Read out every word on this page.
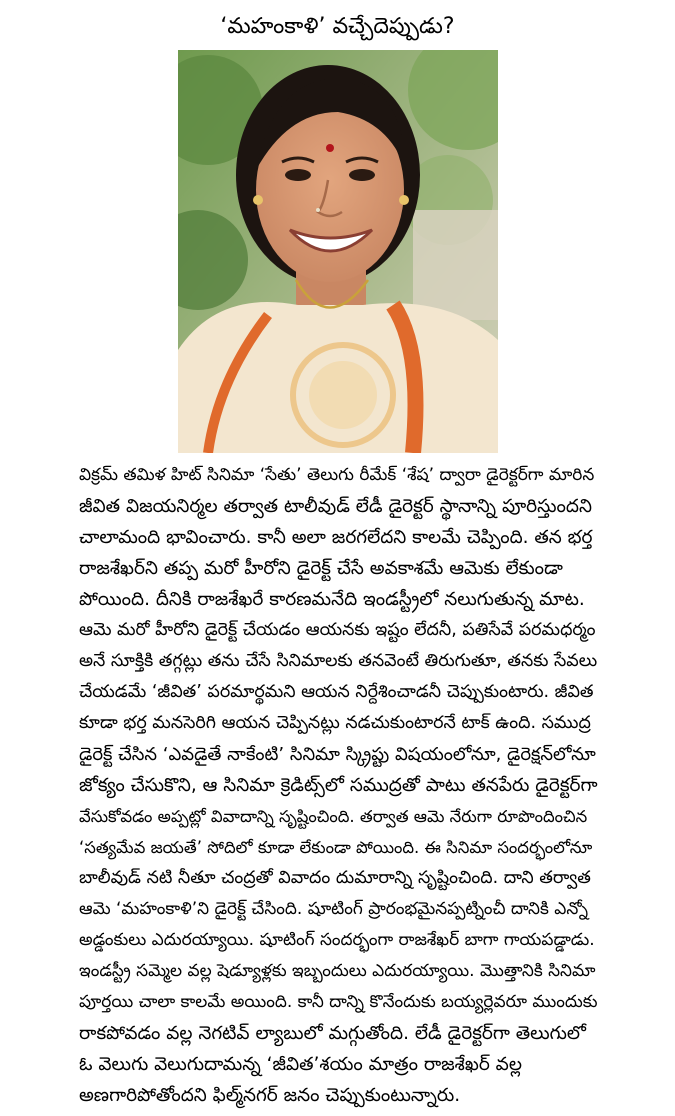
‘మహంకాళి’ వచ్చేదెప్పుడు?
విక్రమ్ తమిళ హిట్ సినిమా ‘సేతు’ తెలుగు రీమేక్ ‘శేష’ ద్వారా డైరెక్టర్‌గా మారిన
జీవిత విజయనిర్మల తర్వాత టాలీవుడ్ లేడీ డైరెక్టర్ స్థానాన్ని పూరిస్తుందని
చాలామంది భావించారు. కానీ అలా జరగలేదని కాలమే చెప్పింది. తన భర్త
రాజశేఖర్‌ని తప్ప మరో హీరోని డైరెక్ట్ చేసే అవకాశమే ఆమెకు లేకుండా
పోయింది. దీనికి రాజశేఖరే కారణమనేది ఇండస్ట్రీలో నలుగుతున్న మాట.
ఆమె మరో హీరోని డైరెక్ట్ చేయడం ఆయనకు ఇష్టం లేదనీ, పతిసేవే పరమధర్మం
అనే సూక్తికి తగ్గట్లు తను చేసే సినిమాలకు తనవెంటే తిరుగుతూ, తనకు సేవలు
చేయడమే ‘జీవిత’ పరమార్థమని ఆయన నిర్దేశించాడనీ చెప్పుకుంటారు. జీవిత
కూడా భర్త మనసెరిగి ఆయన చెప్పినట్లు నడచుకుంటారనే టాక్ ఉంది. సముద్ర
డైరెక్ట్ చేసిన ‘ఎవడైతే నాకేంటి’ సినిమా స్క్రిప్టు విషయంలోనూ, డైరెక్షన్‌లోనూ
జోక్యం చేసుకొని, ఆ సినిమా క్రెడిట్స్‌లో సముద్రతో పాటు తనపేరు డైరెక్టర్‌గా
వేసుకోవడం అప్పట్లో వివాదాన్ని సృష్టించింది. తర్వాత ఆమె నేరుగా రూపొందించిన
‘సత్యమేవ జయతే’ సోదిలో కూడా లేకుండా పోయింది. ఈ సినిమా సందర్భంలోనూ
బాలీవుడ్ నటి నీతూ చంద్రతో వివాదం దుమారాన్ని సృష్టించింది. దాని తర్వాత
ఆమె ‘మహంకాళి’ని డైరెక్ట్ చేసింది. షూటింగ్ ప్రారంభమైనప్పట్నించీ దానికి ఎన్నో
అడ్డంకులు ఎదురయ్యాయి. షూటింగ్ సందర్భంగా రాజశేఖర్ బాగా గాయపడ్డాడు.
ఇండస్ట్రీ సమ్మెల వల్ల షెడ్యూళ్లకు ఇబ్బందులు ఎదురయ్యాయి. మొత్తానికి సినిమా
పూర్తయి చాలా కాలమే అయింది. కానీ దాన్ని కొనేందుకు బయ్యర్లెవరూ ముందుకు
రాకపోవడం వల్ల నెగటివ్ ల్యాబులో మగ్గుతోంది. లేడీ డైరెక్టర్‌గా తెలుగులో
ఓ వెలుగు వెలుగుదామన్న ‘జీవిత’శయం మాత్రం రాజశేఖర్ వల్ల
అణగారిపోతోందని ఫిల్మ్‌నగర్ జనం చెప్పుకుంటున్నారు.
